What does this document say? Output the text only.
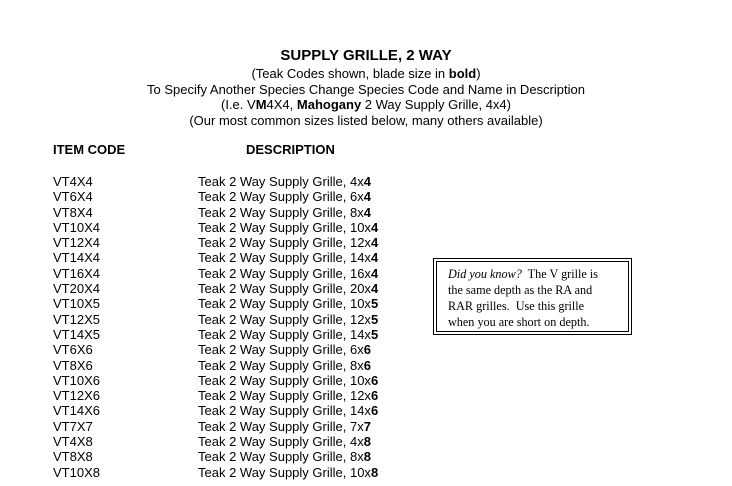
SUPPLY GRILLE, 2 WAY
(Teak Codes shown, blade size in bold)
To Specify Another Species Change Species Code and Name in Description
(I.e. VM4X4, Mahogany 2 Way Supply Grille, 4x4)
(Our most common sizes listed below, many others available)
ITEM CODE	DESCRIPTION
VT4X4	Teak 2 Way Supply Grille, 4x4
VT6X4	Teak 2 Way Supply Grille, 6x4
VT8X4	Teak 2 Way Supply Grille, 8x4
VT10X4	Teak 2 Way Supply Grille, 10x4
VT12X4	Teak 2 Way Supply Grille, 12x4
VT14X4	Teak 2 Way Supply Grille, 14x4
VT16X4	Teak 2 Way Supply Grille, 16x4
VT20X4	Teak 2 Way Supply Grille, 20x4
VT10X5	Teak 2 Way Supply Grille, 10x5
VT12X5	Teak 2 Way Supply Grille, 12x5
VT14X5	Teak 2 Way Supply Grille, 14x5
VT6X6	Teak 2 Way Supply Grille, 6x6
VT8X6	Teak 2 Way Supply Grille, 8x6
VT10X6	Teak 2 Way Supply Grille, 10x6
VT12X6	Teak 2 Way Supply Grille, 12x6
VT14X6	Teak 2 Way Supply Grille, 14x6
VT7X7	Teak 2 Way Supply Grille, 7x7
VT4X8	Teak 2 Way Supply Grille, 4x8
VT8X8	Teak 2 Way Supply Grille, 8x8
VT10X8	Teak 2 Way Supply Grille, 10x8
Did you know?  The V grille is
the same depth as the RA and
RAR grilles.  Use this grille
when you are short on depth.
